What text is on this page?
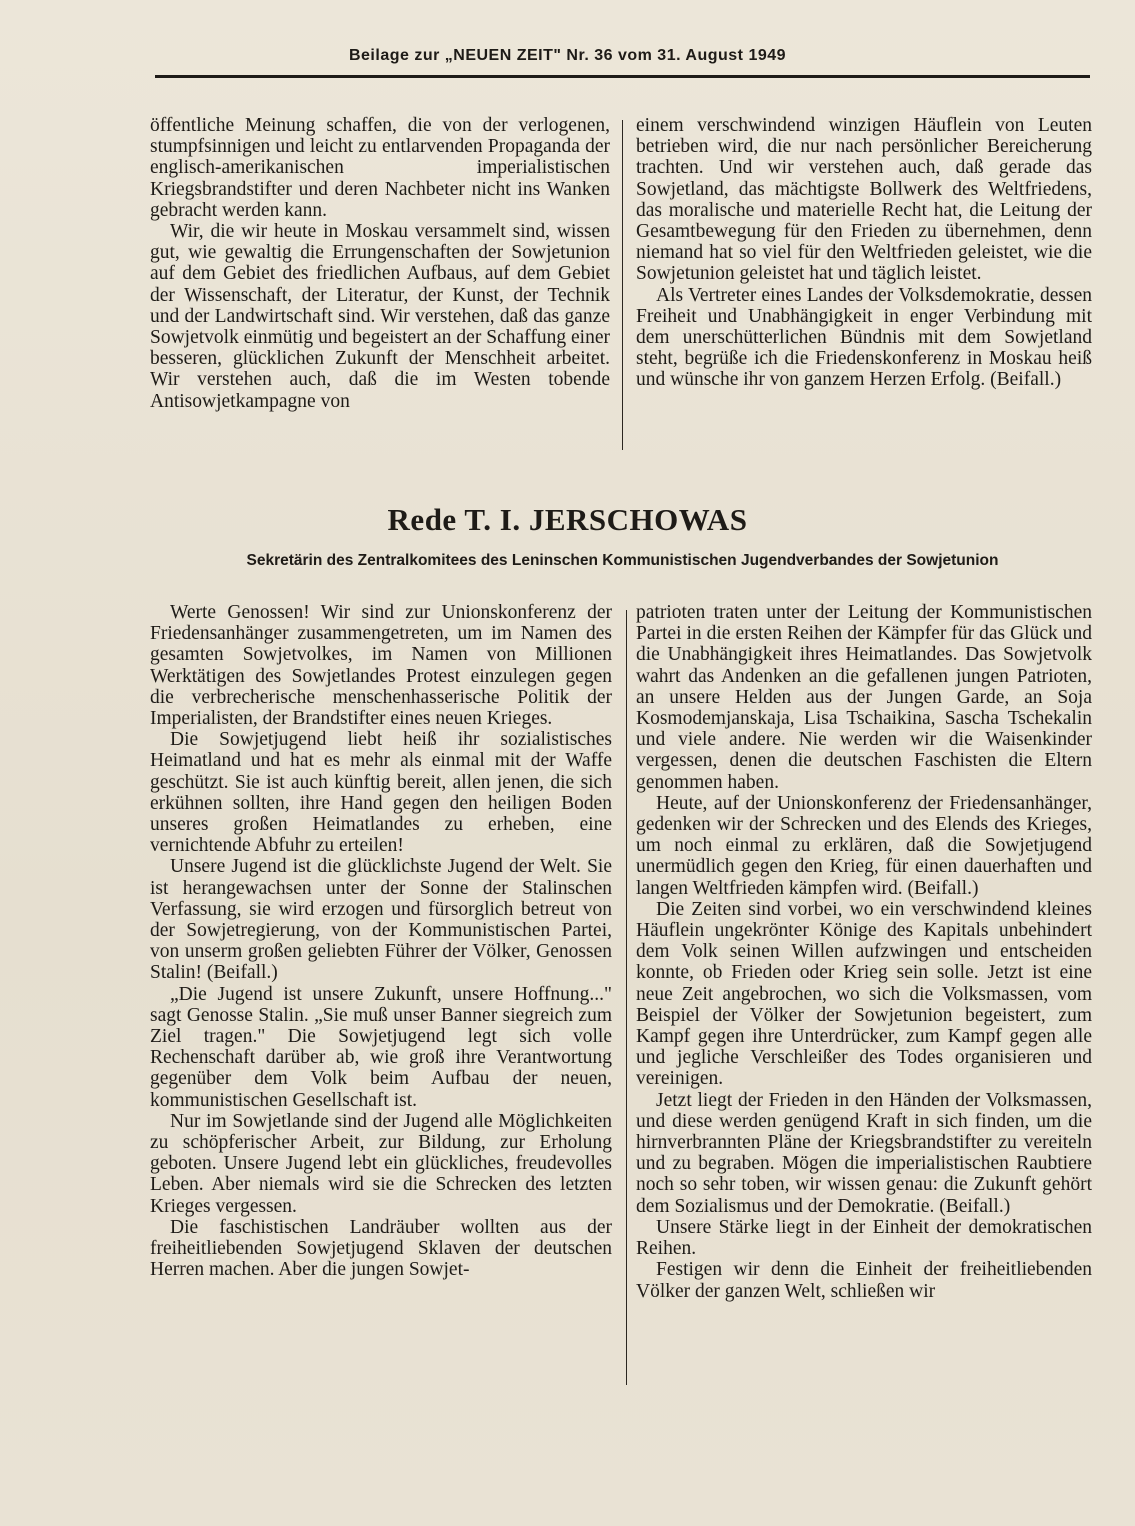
Beilage zur „NEUEN ZEIT" Nr. 36 vom 31. August 1949

öffentliche Meinung schaffen, die von der verlogenen, stumpfsinnigen und leicht zu entlarvenden Propaganda der englisch-amerikanischen imperialistischen Kriegsbrandstifter und deren Nachbeter nicht ins Wanken gebracht werden kann.

Wir, die wir heute in Moskau versammelt sind, wissen gut, wie gewaltig die Errungenschaften der Sowjetunion auf dem Gebiet des friedlichen Aufbaus, auf dem Gebiet der Wissenschaft, der Literatur, der Kunst, der Technik und der Landwirtschaft sind. Wir verstehen, daß das ganze Sowjetvolk einmütig und begeistert an der Schaffung einer besseren, glücklichen Zukunft der Menschheit arbeitet. Wir verstehen auch, daß die im Westen tobende Antisowjetkampagne von

einem verschwindend winzigen Häuflein von Leuten betrieben wird, die nur nach persönlicher Bereicherung trachten. Und wir verstehen auch, daß gerade das Sowjetland, das mächtigste Bollwerk des Weltfriedens, das moralische und materielle Recht hat, die Leitung der Gesamtbewegung für den Frieden zu übernehmen, denn niemand hat so viel für den Weltfrieden geleistet, wie die Sowjetunion geleistet hat und täglich leistet.

Als Vertreter eines Landes der Volksdemokratie, dessen Freiheit und Unabhängigkeit in enger Verbindung mit dem unerschütterlichen Bündnis mit dem Sowjetland steht, begrüße ich die Friedenskonferenz in Moskau heiß und wünsche ihr von ganzem Herzen Erfolg. (Beifall.)

Rede T. I. JERSCHOWAS
Sekretärin des Zentralkomitees des Leninschen Kommunistischen Jugendverbandes der Sowjetunion

Werte Genossen! Wir sind zur Unionskonferenz der Friedensanhänger zusammengetreten, um im Namen des gesamten Sowjetvolkes, im Namen von Millionen Werktätigen des Sowjetlandes Protest einzulegen gegen die verbrecherische menschenhasserische Politik der Imperialisten, der Brandstifter eines neuen Krieges.

Die Sowjetjugend liebt heiß ihr sozialistisches Heimatland und hat es mehr als einmal mit der Waffe geschützt. Sie ist auch künftig bereit, allen jenen, die sich erkühnen sollten, ihre Hand gegen den heiligen Boden unseres großen Heimatlandes zu erheben, eine vernichtende Abfuhr zu erteilen!

Unsere Jugend ist die glücklichste Jugend der Welt. Sie ist herangewachsen unter der Sonne der Stalinschen Verfassung, sie wird erzogen und fürsorglich betreut von der Sowjetregierung, von der Kommunistischen Partei, von unserm großen geliebten Führer der Völker, Genossen Stalin! (Beifall.)

„Die Jugend ist unsere Zukunft, unsere Hoffnung..." sagt Genosse Stalin. „Sie muß unser Banner siegreich zum Ziel tragen." Die Sowjetjugend legt sich volle Rechenschaft darüber ab, wie groß ihre Verantwortung gegenüber dem Volk beim Aufbau der neuen, kommunistischen Gesellschaft ist.

Nur im Sowjetlande sind der Jugend alle Möglichkeiten zu schöpferischer Arbeit, zur Bildung, zur Erholung geboten. Unsere Jugend lebt ein glückliches, freudevolles Leben. Aber niemals wird sie die Schrecken des letzten Krieges vergessen.

Die faschistischen Landräuber wollten aus der freiheitliebenden Sowjetjugend Sklaven der deutschen Herren machen. Aber die jungen Sowjet-

patrioten traten unter der Leitung der Kommunistischen Partei in die ersten Reihen der Kämpfer für das Glück und die Unabhängigkeit ihres Heimatlandes. Das Sowjetvolk wahrt das Andenken an die gefallenen jungen Patrioten, an unsere Helden aus der Jungen Garde, an Soja Kosmodemjanskaja, Lisa Tschaikina, Sascha Tschekalin und viele andere. Nie werden wir die Waisenkinder vergessen, denen die deutschen Faschisten die Eltern genommen haben.

Heute, auf der Unionskonferenz der Friedensanhänger, gedenken wir der Schrecken und des Elends des Krieges, um noch einmal zu erklären, daß die Sowjetjugend unermüdlich gegen den Krieg, für einen dauerhaften und langen Weltfrieden kämpfen wird. (Beifall.)

Die Zeiten sind vorbei, wo ein verschwindend kleines Häuflein ungekrönter Könige des Kapitals unbehindert dem Volk seinen Willen aufzwingen und entscheiden konnte, ob Frieden oder Krieg sein solle. Jetzt ist eine neue Zeit angebrochen, wo sich die Volksmassen, vom Beispiel der Völker der Sowjetunion begeistert, zum Kampf gegen ihre Unterdrücker, zum Kampf gegen alle und jegliche Verschleißer des Todes organisieren und vereinigen.

Jetzt liegt der Frieden in den Händen der Volksmassen, und diese werden genügend Kraft in sich finden, um die hirnverbrannten Pläne der Kriegsbrandstifter zu vereiteln und zu begraben. Mögen die imperialistischen Raubtiere noch so sehr toben, wir wissen genau: die Zukunft gehört dem Sozialismus und der Demokratie. (Beifall.)

Unsere Stärke liegt in der Einheit der demokratischen Reihen.

Festigen wir denn die Einheit der freiheitliebenden Völker der ganzen Welt, schließen wir
